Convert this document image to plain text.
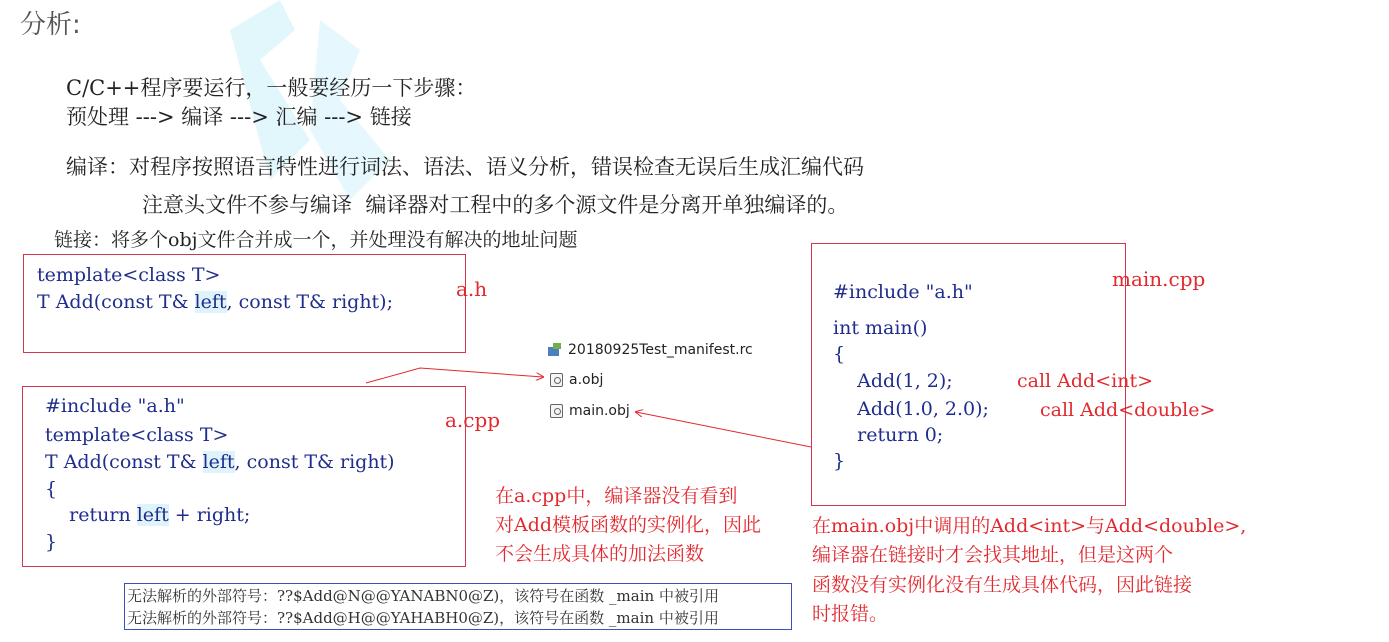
分析:
C/C++程序要运行，一般要经历一下步骤：
预处理 ---> 编译 ---> 汇编 ---> 链接
编译：对程序按照语言特性进行词法、语法、语义分析，错误检查无误后生成汇编代码
注意头文件不参与编译  编译器对工程中的多个源文件是分离开单独编译的。
链接：将多个obj文件合并成一个，并处理没有解决的地址问题
template<class T>
T Add(const T& left, const T& right);
a.h
#include "a.h"
template<class T>
T Add(const T& left, const T& right)
{
return left + right;
}
a.cpp
main.cpp
#include "a.h"
int main()
{
Add(1, 2);	call Add<int>
Add(1.0, 2.0);	call Add<double>
return 0;
}
20180925Test_manifest.rc
a.obj
main.obj
在a.cpp中，编译器没有看到
对Add模板函数的实例化，因此
不会生成具体的加法函数
在main.obj中调用的Add<int>与Add<double>,
编译器在链接时才会找其地址，但是这两个
函数没有实例化没有生成具体代码，因此链接
时报错。
无法解析的外部符号：??$Add@N@@YANABN0@Z)，该符号在函数 _main 中被引用
无法解析的外部符号：??$Add@H@@YAHABH0@Z)，该符号在函数 _main 中被引用
